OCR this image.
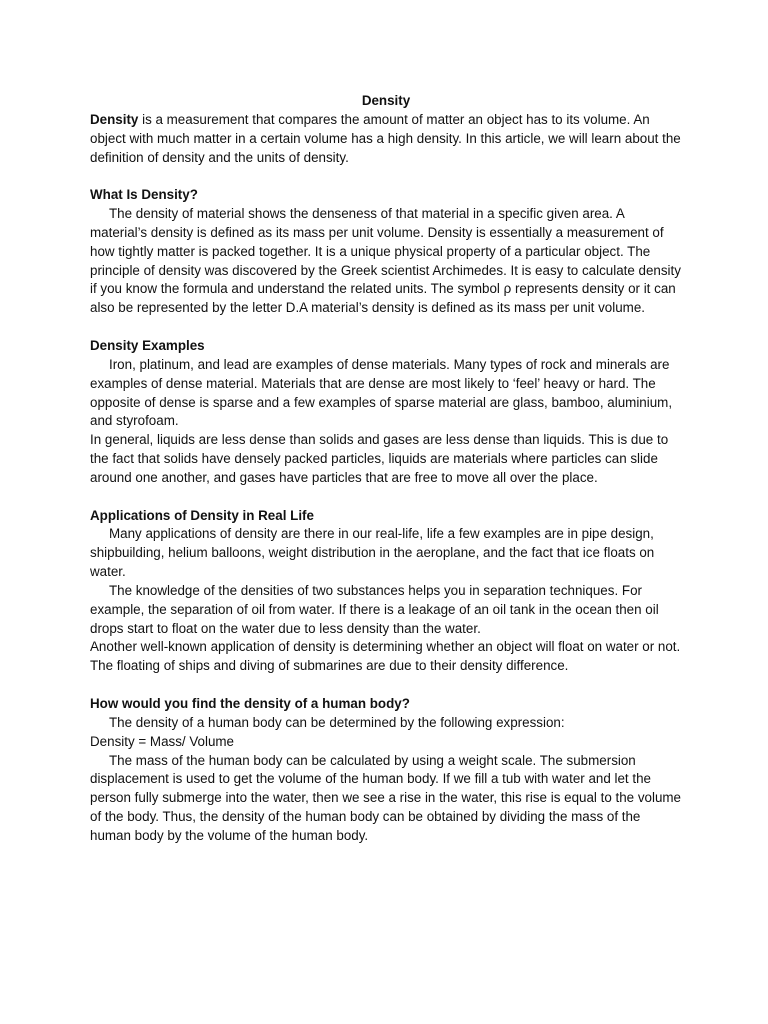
Density

Density is a measurement that compares the amount of matter an object has to its volume. An object with much matter in a certain volume has a high density. In this article, we will learn about the definition of density and the units of density.

What Is Density?

The density of material shows the denseness of that material in a specific given area. A material’s density is defined as its mass per unit volume. Density is essentially a measurement of how tightly matter is packed together. It is a unique physical property of a particular object. The principle of density was discovered by the Greek scientist Archimedes. It is easy to calculate density if you know the formula and understand the related units. The symbol ρ represents density or it can also be represented by the letter D.A material’s density is defined as its mass per unit volume.

Density Examples

Iron, platinum, and lead are examples of dense materials. Many types of rock and minerals are examples of dense material. Materials that are dense are most likely to ‘feel’ heavy or hard. The opposite of dense is sparse and a few examples of sparse material are glass, bamboo, aluminium, and styrofoam.

In general, liquids are less dense than solids and gases are less dense than liquids. This is due to the fact that solids have densely packed particles, liquids are materials where particles can slide around one another, and gases have particles that are free to move all over the place.

Applications of Density in Real Life

Many applications of density are there in our real-life, life a few examples are in pipe design, shipbuilding, helium balloons, weight distribution in the aeroplane, and the fact that ice floats on water.

The knowledge of the densities of two substances helps you in separation techniques. For example, the separation of oil from water. If there is a leakage of an oil tank in the ocean then oil drops start to float on the water due to less density than the water.

Another well-known application of density is determining whether an object will float on water or not. The floating of ships and diving of submarines are due to their density difference.

How would you find the density of a human body?

The density of a human body can be determined by the following expression:

Density = Mass/ Volume

The mass of the human body can be calculated by using a weight scale. The submersion displacement is used to get the volume of the human body. If we fill a tub with water and let the person fully submerge into the water, then we see a rise in the water, this rise is equal to the volume of the body. Thus, the density of the human body can be obtained by dividing the mass of the human body by the volume of the human body.
